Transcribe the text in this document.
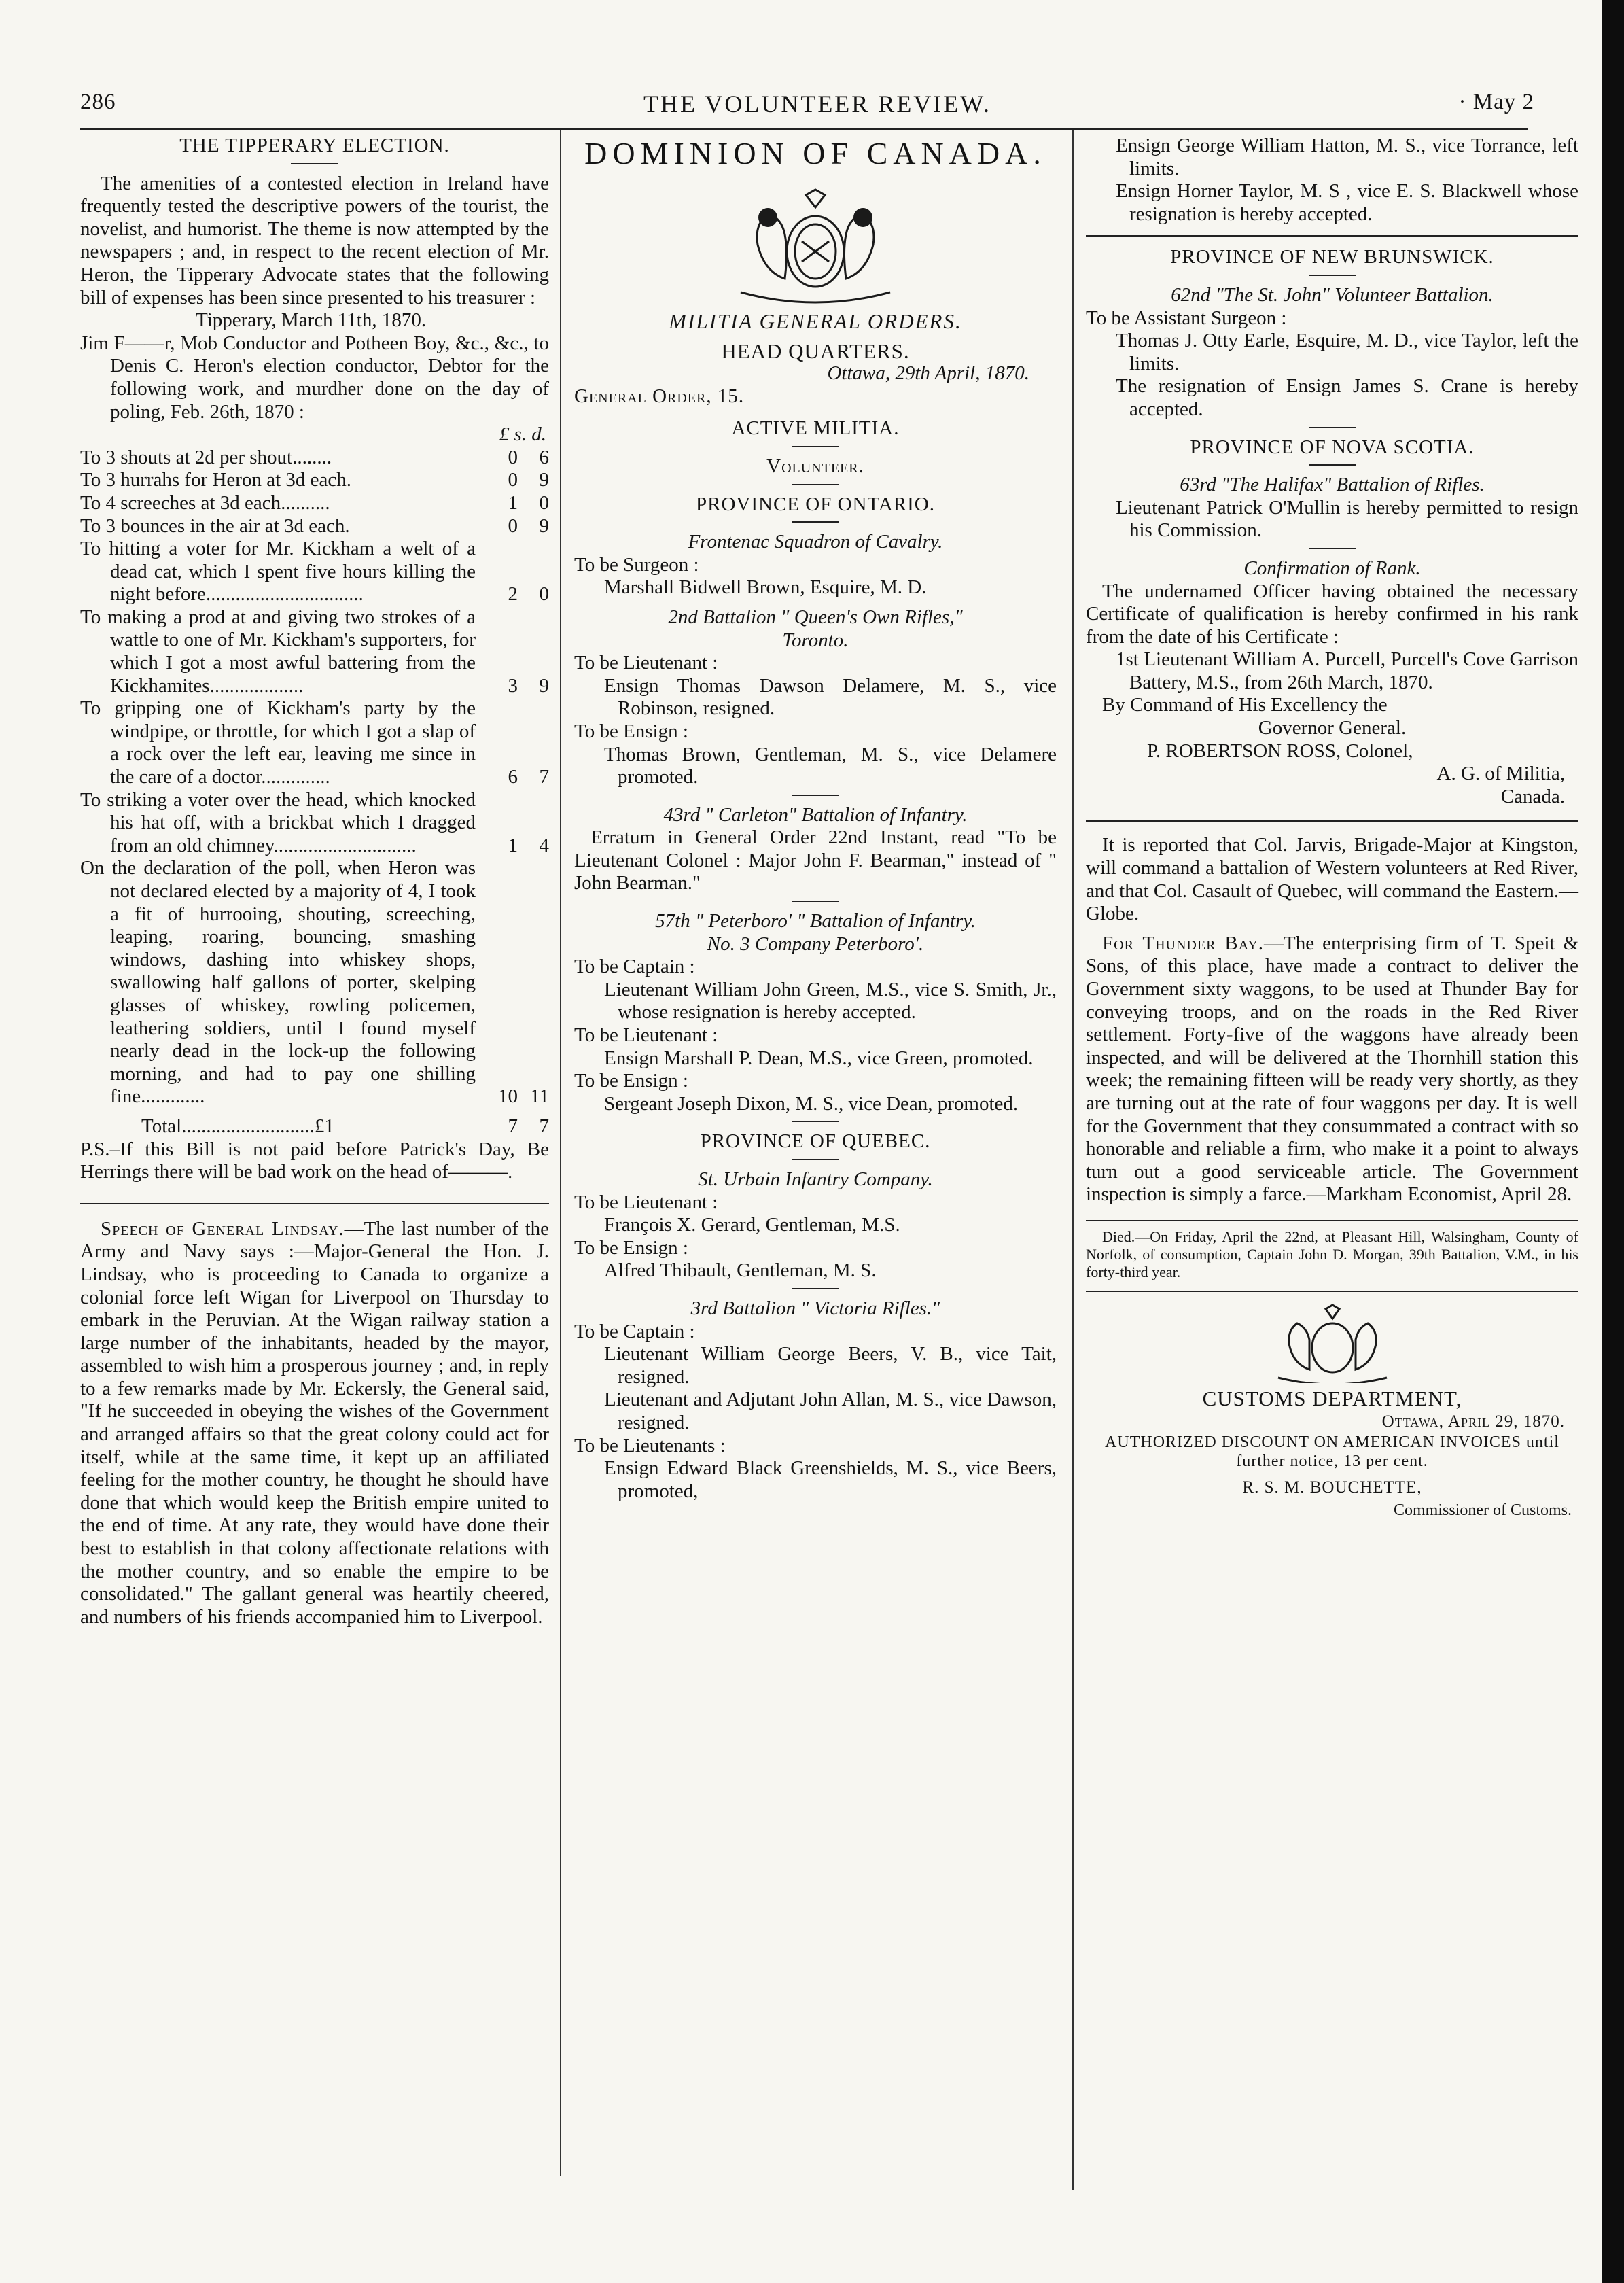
286	THE VOLUNTEER REVIEW.	· May 2

THE TIPPERARY ELECTION.

The amenities of a contested election in Ireland have frequently tested the descriptive powers of the tourist, the novelist, and humorist. The theme is now attempted by the newspapers ; and, in respect to the recent election of Mr. Heron, the Tipperary Advocate states that the following bill of expenses has been since presented to his treasurer :

Tipperary, March 11th, 1870.

Jim F——r, Mob Conductor and Potheen Boy, &c., &c., to Denis C. Heron's election conductor, Debtor for the following work, and murdher done on the day of poling, Feb. 26th, 1870 :

£ s. d.

To 3 shouts at 2d per shout........	0	6
To 3 hurrahs for Heron at 3d each.	0	9
To 4 screeches at 3d each..........	1	0
To 3 bounces in the air at 3d each.	0	9
To hitting a voter for Mr. Kickham a welt of a dead cat, which I spent five hours killing the night before................................	2	0
To making a prod at and giving two strokes of a wattle to one of Mr. Kickham's supporters, for which I got a most awful battering from the Kickhamites...................	3	9
To gripping one of Kickham's party by the windpipe, or throttle, for which I got a slap of a rock over the left ear, leaving me since in the care of a doctor..............	6	7
To striking a voter over the head, which knocked his hat off, with a brickbat which I dragged from an old chimney.............................	1	4
On the declaration of the poll, when Heron was not declared elected by a majority of 4, I took a fit of hurrooing, shouting, screeching, leaping, roaring, bouncing, smashing windows, dashing into whiskey shops, swallowing half gallons of porter, skelping glasses of whiskey, rowling policemen, leathering soldiers, until I found myself nearly dead in the lock-up the following morning, and had to pay one shilling fine.............	10 11
Total...........................£1	7	7

P.S.–If this Bill is not paid before Patrick's Day, Be Herrings there will be bad work on the head of———.

Speech of General Lindsay.—The last number of the Army and Navy says :—Major-General the Hon. J. Lindsay, who is proceeding to Canada to organize a colonial force left Wigan for Liverpool on Thursday to embark in the Peruvian. At the Wigan railway station a large number of the inhabitants, headed by the mayor, assembled to wish him a prosperous journey ; and, in reply to a few remarks made by Mr. Eckersly, the General said, "If he succeeded in obeying the wishes of the Government and arranged affairs so that the great colony could act for itself, while at the same time, it kept up an affiliated feeling for the mother country, he thought he should have done that which would keep the British empire united to the end of time. At any rate, they would have done their best to establish in that colony affectionate relations with the mother country, and so enable the empire to be consolidated." The gallant general was heartily cheered, and numbers of his friends accompanied him to Liverpool.

DOMINION OF CANADA.

MILITIA GENERAL ORDERS.

HEAD QUARTERS.

Ottawa, 29th April, 1870.

General Order, 15.

ACTIVE MILITIA.

Volunteer.

PROVINCE OF ONTARIO.

Frontenac Squadron of Cavalry.

To be Surgeon :

Marshall Bidwell Brown, Esquire, M. D.

2nd Battalion " Queen's Own Rifles,"

Toronto.

To be Lieutenant :

Ensign Thomas Dawson Delamere, M. S., vice Robinson, resigned.

To be Ensign :

Thomas Brown, Gentleman, M. S., vice Delamere promoted.

43rd " Carleton" Battalion of Infantry.

Erratum in General Order 22nd Instant, read "To be Lieutenant Colonel : Major John F. Bearman," instead of " John Bearman."

57th " Peterboro' " Battalion of Infantry.

No. 3 Company Peterboro'.

To be Captain :

Lieutenant William John Green, M.S., vice S. Smith, Jr., whose resignation is hereby accepted.

To be Lieutenant :

Ensign Marshall P. Dean, M.S., vice Green, promoted.

To be Ensign :

Sergeant Joseph Dixon, M. S., vice Dean, promoted.

PROVINCE OF QUEBEC.

St. Urbain Infantry Company.

To be Lieutenant :

François X. Gerard, Gentleman, M.S.

To be Ensign :

Alfred Thibault, Gentleman, M. S.

3rd Battalion " Victoria Rifles."

To be Captain :

Lieutenant William George Beers, V. B., vice Tait, resigned.

Lieutenant and Adjutant John Allan, M. S., vice Dawson, resigned.

To be Lieutenants :

Ensign Edward Black Greenshields, M. S., vice Beers, promoted,

Ensign George William Hatton, M. S., vice Torrance, left limits.

Ensign Horner Taylor, M. S , vice E. S. Blackwell whose resignation is hereby accepted.

PROVINCE OF NEW BRUNSWICK.

62nd "The St. John" Volunteer Battalion.

To be Assistant Surgeon :

Thomas J. Otty Earle, Esquire, M. D., vice Taylor, left the limits.

The resignation of Ensign James S. Crane is hereby accepted.

PROVINCE OF NOVA SCOTIA.

63rd "The Halifax" Battalion of Rifles.

Lieutenant Patrick O'Mullin is hereby permitted to resign his Commission.

Confirmation of Rank.

The undernamed Officer having obtained the necessary Certificate of qualification is hereby confirmed in his rank from the date of his Certificate :

1st Lieutenant William A. Purcell, Purcell's Cove Garrison Battery, M.S., from 26th March, 1870.

By Command of His Excellency the

Governor General.

P. ROBERTSON ROSS, Colonel,

A. G. of Militia,

Canada.

It is reported that Col. Jarvis, Brigade-Major at Kingston, will command a battalion of Western volunteers at Red River, and that Col. Casault of Quebec, will command the Eastern.—Globe.

For Thunder Bay.—The enterprising firm of T. Speit & Sons, of this place, have made a contract to deliver the Government sixty waggons, to be used at Thunder Bay for conveying troops, and on the roads in the Red River settlement. Forty-five of the waggons have already been inspected, and will be delivered at the Thornhill station this week; the remaining fifteen will be ready very shortly, as they are turning out at the rate of four waggons per day. It is well for the Government that they consummated a contract with so honorable and reliable a firm, who make it a point to always turn out a good serviceable article. The Government inspection is simply a farce.—Markham Economist, April 28.

Died.—On Friday, April the 22nd, at Pleasant Hill, Walsingham, County of Norfolk, of consumption, Captain John D. Morgan, 39th Battalion, V.M., in his forty-third year.

CUSTOMS DEPARTMENT,

Ottawa, April 29, 1870.

AUTHORIZED DISCOUNT ON AMERICAN INVOICES until further notice, 13 per cent.

R. S. M. BOUCHETTE,

Commissioner of Customs.
